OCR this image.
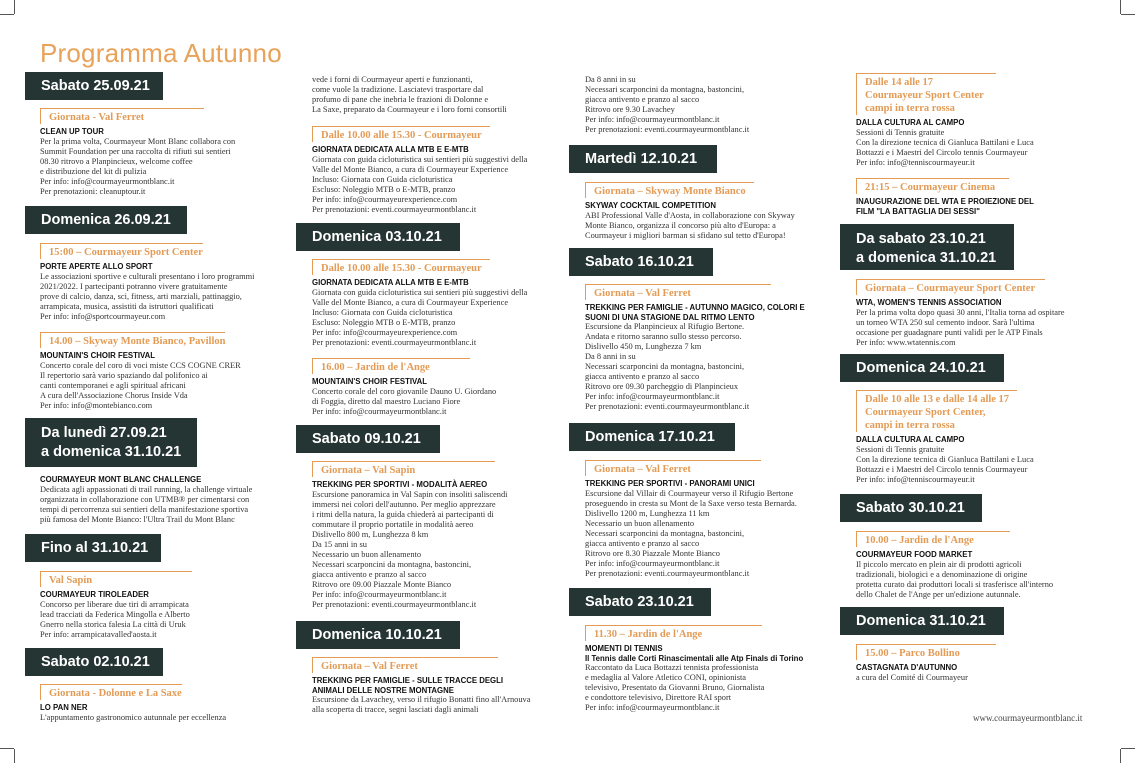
Programma Autunno
Sabato 25.09.21
Giornata - Val Ferret
CLEAN UP TOUR
Per la prima volta, Courmayeur Mont Blanc collabora con
Summit Foundation per una raccolta di rifiuti sui sentieri
08.30 ritrovo a Planpincieux, welcome coffee
e distribuzione del kit di pulizia
Per info: info@courmayeurmontblanc.it
Per prenotazioni: cleanuptour.it
Domenica 26.09.21
15:00 – Courmayeur Sport Center
PORTE APERTE ALLO SPORT
Le associazioni sportive e culturali presentano i loro programmi
2021/2022. I partecipanti potranno vivere gratuitamente
prove di calcio, danza, sci, fitness, arti marziali, pattinaggio,
arrampicata, musica, assistiti da istruttori qualificati
Per info: info@sportcourmayeur.com
14.00 – Skyway Monte Bianco, Pavillon
MOUNTAIN'S CHOIR FESTIVAL
Concerto corale del coro di voci miste CCS COGNE CRER
Il repertorio sarà vario spaziando dal polifonico ai
canti contemporanei e agli spiritual africani
A cura dell'Associazione Chorus Inside Vda
Per info: info@montebianco.com
Da lunedì 27.09.21
a domenica 31.10.21
COURMAYEUR MONT BLANC CHALLENGE
Dedicata agli appassionati di trail running, la challenge virtuale
organizzata in collaborazione con UTMB® per cimentarsi con
tempi di percorrenza sui sentieri della manifestazione sportiva
più famosa del Monte Bianco: l'Ultra Trail du Mont Blanc
Fino al 31.10.21
Val Sapin
COURMAYEUR TIROLEADER
Concorso per liberare due tiri di arrampicata
lead tracciati da Federica Mingolla e Alberto
Gnerro nella storica falesia La città di Uruk
Per info: arrampicatavalled'aosta.it
Sabato 02.10.21
Giornata - Dolonne e La Saxe
LO PAN NER
L'appuntamento gastronomico autunnale per eccellenza
vede i forni di Courmayeur aperti e funzionanti,
come vuole la tradizione. Lasciatevi trasportare dal
profumo di pane che inebria le frazioni di Dolonne e
La Saxe, preparato da Courmayeur e i loro forni consortili
Dalle 10.00 alle 15.30 - Courmayeur
GIORNATA DEDICATA ALLA MTB E E-MTB
Giornata con guida cicloturistica sui sentieri più suggestivi della
Valle del Monte Bianco, a cura di Courmayeur Experience
Incluso: Giornata con Guida cicloturistica
Escluso: Noleggio MTB o E-MTB, pranzo
Per info: info@courmayeurexperience.com
Per prenotazioni: eventi.courmayeurmontblanc.it
Domenica 03.10.21
Dalle 10.00 alle 15.30 - Courmayeur
GIORNATA DEDICATA ALLA MTB E E-MTB
Giornata con guida cicloturistica sui sentieri più suggestivi della
Valle del Monte Bianco, a cura di Courmayeur Experience
Incluso: Giornata con Guida cicloturistica
Escluso: Noleggio MTB o E-MTB, pranzo
Per info: info@courmayeurexperience.com
Per prenotazioni: eventi.courmayeurmontblanc.it
16.00 – Jardin de l'Ange
MOUNTAIN'S CHOIR FESTIVAL
Concerto corale del coro giovanile Dauno U. Giordano
di Foggia, diretto dal maestro Luciano Fiore
Per info: info@courmayeurmontblanc.it
Sabato 09.10.21
Giornata – Val Sapin
TREKKING PER SPORTIVI - MODALITÀ AEREO
Escursione panoramica in Val Sapin con insoliti saliscendi
immersi nei colori dell'autunno. Per meglio apprezzare
i ritmi della natura, la guida chiederà ai partecipanti di
commutare il proprio portatile in modalità aereo
Dislivello 800 m, Lunghezza 8 km
Da 15 anni in su
Necessario un buon allenamento
Necessari scarponcini da montagna, bastoncini,
giacca antivento e pranzo al sacco
Ritrovo ore 09.00 Piazzale Monte Bianco
Per info: info@courmayeurmontblanc.it
Per prenotazioni: eventi.courmayeurmontblanc.it
Domenica 10.10.21
Giornata – Val Ferret
TREKKING PER FAMIGLIE - SULLE TRACCE DEGLI ANIMALI DELLE NOSTRE MONTAGNE
Escursione da Lavachey, verso il rifugio Bonatti fino all'Arnouva
alla scoperta di tracce, segni lasciati dagli animali
Da 8 anni in su
Necessari scarponcini da montagna, bastoncini,
giacca antivento e pranzo al sacco
Ritrovo ore 9.30 Lavachey
Per info: info@courmayeurmontblanc.it
Per prenotazioni: eventi.courmayeurmontblanc.it
Martedì 12.10.21
Giornata – Skyway Monte Bianco
SKYWAY COCKTAIL COMPETITION
ABI Professional Valle d'Aosta, in collaborazione con Skyway
Monte Bianco, organizza il concorso più alto d'Europa: a
Courmayeur i migliori barman si sfidano sul tetto d'Europa!
Sabato 16.10.21
Giornata – Val Ferret
TREKKING PER FAMIGLIE - AUTUNNO MAGICO, COLORI E SUONI DI UNA STAGIONE DAL RITMO LENTO
Escursione da Planpincieux al Rifugio Bertone.
Andata e ritorno saranno sullo stesso percorso.
Dislivello 450 m, Lunghezza 7 km
Da 8 anni in su
Necessari scarponcini da montagna, bastoncini,
giacca antivento e pranzo al sacco
Ritrovo ore 09.30 parcheggio di Planpincieux
Per info: info@courmayeurmontblanc.it
Per prenotazioni: eventi.courmayeurmontblanc.it
Domenica 17.10.21
Giornata – Val Ferret
TREKKING PER SPORTIVI - PANORAMI UNICI
Escursione dal Villair di Courmayeur verso il Rifugio Bertone
proseguendo in cresta su Mont de la Saxe verso testa Bernarda.
Dislivello 1200 m, Lunghezza 11 km
Necessario un buon allenamento
Necessari scarponcini da montagna, bastoncini,
giacca antivento e pranzo al sacco
Ritrovo ore 8.30 Piazzale Monte Bianco
Per info: info@courmayeurmontblanc.it
Per prenotazioni: eventi.courmayeurmontblanc.it
Sabato 23.10.21
11.30 – Jardin de l'Ange
MOMENTI DI TENNIS
Il Tennis dalle Corti Rinascimentali alle Atp Finals di Torino
Raccontato da Luca Bottazzi tennista professionista
e medaglia al Valore Atletico CONI, opinionista
televisivo, Presentato da Giovanni Bruno, Giornalista
e condottore televisivo, Direttore RAI sport
Per info: info@courmayeurmontblanc.it
Dalle 14 alle 17
Courmayeur Sport Center
campi in terra rossa
DALLA CULTURA AL CAMPO
Sessioni di Tennis gratuite
Con la direzione tecnica di Gianluca Battilani e Luca
Bottazzi e i Maestri del Circolo tennis Courmayeur
Per info: info@tenniscourmayeur.it
21:15 – Courmayeur Cinema
INAUGURAZIONE DEL WTA E PROIEZIONE DEL FILM "LA BATTAGLIA DEI SESSI"
Da sabato 23.10.21
a domenica 31.10.21
Giornata – Courmayeur Sport Center
WTA, WOMEN'S TENNIS ASSOCIATION
Per la prima volta dopo quasi 30 anni, l'Italia torna ad ospitare
un torneo WTA 250 sul cemento indoor. Sarà l'ultima
occasione per guadagnare punti validi per le ATP Finals
Per info: www.wtatennis.com
Domenica 24.10.21
Dalle 10 alle 13 e dalle 14 alle 17
Courmayeur Sport Center,
campi in terra rossa
DALLA CULTURA AL CAMPO
Sessioni di Tennis gratuite
Con la direzione tecnica di Gianluca Battilani e Luca
Bottazzi e i Maestri del Circolo tennis Courmayeur
Per info: info@tenniscourmayeur.it
Sabato 30.10.21
10.00 – Jardin de l'Ange
COURMAYEUR FOOD MARKET
Il piccolo mercato en plein air di prodotti agricoli
tradizionali, biologici e a denominazione di origine
protetta curato dai produttori locali si trasferisce all'interno
dello Chalet de l'Ange per un'edizione autunnale.
Domenica 31.10.21
15.00 – Parco Bollino
CASTAGNATA D'AUTUNNO
a cura del Comité di Courmayeur
www.courmayeurmontblanc.it
